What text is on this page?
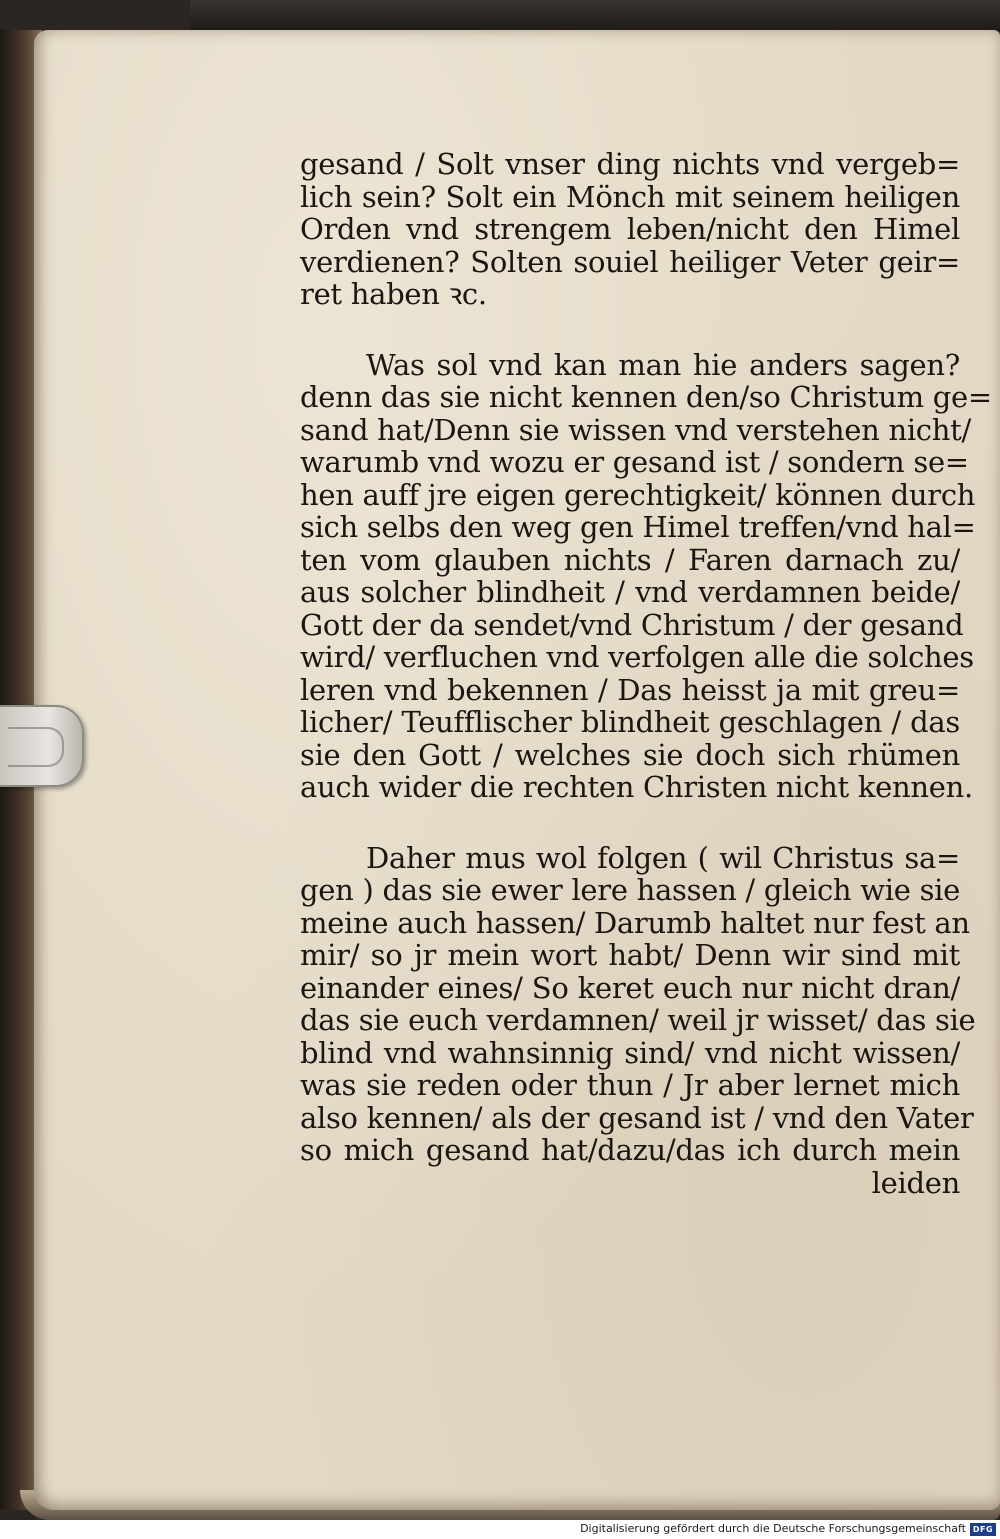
gesand / Solt vnser ding nichts vnd vergeb=
lich sein? Solt ein Mönch mit seinem heiligen
Orden vnd strengem leben/nicht den Himel
verdienen? Solten souiel heiliger Veter geir=
ret haben ꝛc.
Was sol vnd kan man hie anders sagen?
denn das sie nicht kennen den/so Christum ge=
sand hat/Denn sie wissen vnd verstehen nicht/
warumb vnd wozu er gesand ist / sondern se=
hen auff jre eigen gerechtigkeit/ können durch
sich selbs den weg gen Himel treffen/vnd hal=
ten vom glauben nichts / Faren darnach zu/
aus solcher blindheit / vnd verdamnen beide/
Gott der da sendet/vnd Christum / der gesand
wird/ verfluchen vnd verfolgen alle die solches
leren vnd bekennen / Das heisst ja mit greu=
licher/ Teufflischer blindheit geschlagen / das
sie den Gott / welches sie doch sich rhümen
auch wider die rechten Christen nicht kennen.
Daher mus wol folgen ( wil Christus sa=
gen ) das sie ewer lere hassen / gleich wie sie
meine auch hassen/ Darumb haltet nur fest an
mir/ so jr mein wort habt/ Denn wir sind mit
einander eines/ So keret euch nur nicht dran/
das sie euch verdamnen/ weil jr wisset/ das sie
blind vnd wahnsinnig sind/ vnd nicht wissen/
was sie reden oder thun / Jr aber lernet mich
also kennen/ als der gesand ist / vnd den Vater
so mich gesand hat/dazu/das ich durch mein
leiden
Digitalisierung gefördert durch die Deutsche Forschungsgemeinschaft DFG
